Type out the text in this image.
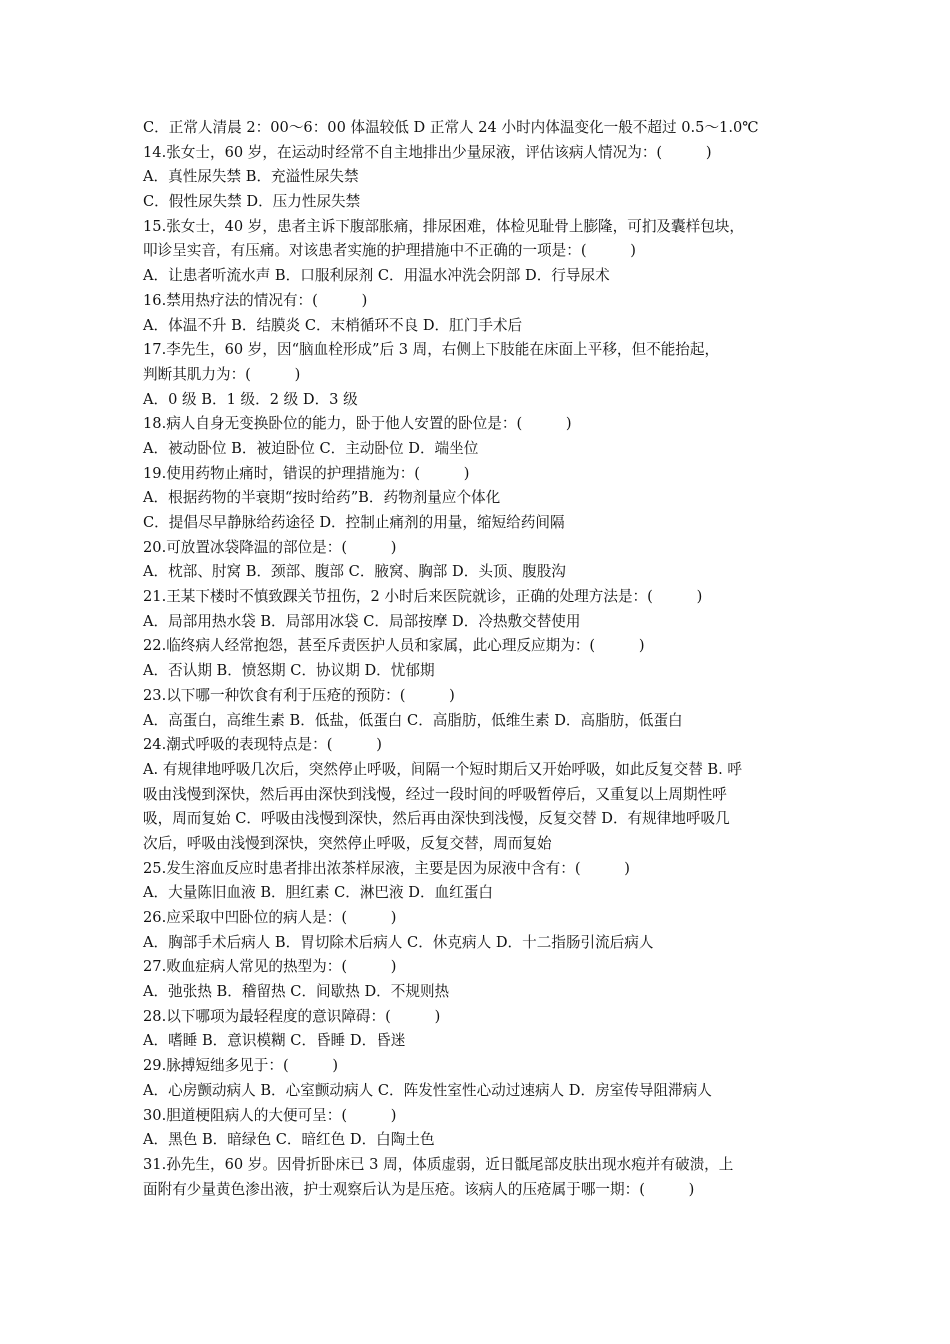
C．正常人清晨 2：00～6：00 体温较低 D 正常人 24 小时内体温变化一般不超过 0.5～1.0℃
14.张女士，60 岁，在运动时经常不自主地排出少量尿液，评估该病人情况为：(　　　)
A．真性尿失禁 B．充溢性尿失禁
C．假性尿失禁 D．压力性尿失禁
15.张女士，40 岁，患者主诉下腹部胀痛，排尿困难，体检见耻骨上膨隆，可扪及囊样包块，
叩诊呈实音，有压痛。对该患者实施的护理措施中不正确的一项是：(　　　)
A．让患者听流水声 B．口服利尿剂 C．用温水冲洗会阴部 D．行导尿术
16.禁用热疗法的情况有：(　　　)
A．体温不升 B．结膜炎 C．末梢循环不良 D．肛门手术后
17.李先生，60 岁，因“脑血栓形成”后 3 周，右侧上下肢能在床面上平移，但不能抬起，
判断其肌力为：(　　　)
A．0 级 B．1 级．2 级 D．3 级
18.病人自身无变换卧位的能力，卧于他人安置的卧位是：(　　　)
A．被动卧位 B．被迫卧位 C．主动卧位 D．端坐位
19.使用药物止痛时，错误的护理措施为：(　　　)
A．根据药物的半衰期“按时给药”B．药物剂量应个体化
C．提倡尽早静脉给药途径 D．控制止痛剂的用量，缩短给药间隔
20.可放置冰袋降温的部位是：(　　　)
A．枕部、肘窝 B．颈部、腹部 C．腋窝、胸部 D．头顶、腹股沟
21.王某下楼时不慎致踝关节扭伤，2 小时后来医院就诊，正确的处理方法是：(　　　)
A．局部用热水袋 B．局部用冰袋 C．局部按摩 D．冷热敷交替使用
22.临终病人经常抱怨，甚至斥责医护人员和家属，此心理反应期为：(　　　)
A．否认期 B．愤怒期 C．协议期 D．忧郁期
23.以下哪一种饮食有利于压疮的预防：(　　　)
A．高蛋白，高维生素 B．低盐，低蛋白 C．高脂肪，低维生素 D．高脂肪，低蛋白
24.潮式呼吸的表现特点是：(　　　)
A. 有规律地呼吸几次后，突然停止呼吸，间隔一个短时期后又开始呼吸，如此反复交替 B. 呼
吸由浅慢到深快，然后再由深快到浅慢，经过一段时间的呼吸暂停后，又重复以上周期性呼
吸，周而复始 C．呼吸由浅慢到深快，然后再由深快到浅慢，反复交替 D．有规律地呼吸几
次后，呼吸由浅慢到深快，突然停止呼吸，反复交替，周而复始
25.发生溶血反应时患者排出浓茶样尿液，主要是因为尿液中含有：(　　　)
A．大量陈旧血液 B．胆红素 C．淋巴液 D．血红蛋白
26.应采取中凹卧位的病人是：(　　　)
A．胸部手术后病人 B．胃切除术后病人 C．休克病人 D．十二指肠引流后病人
27.败血症病人常见的热型为：(　　　)
A．弛张热 B．稽留热 C．间歇热 D．不规则热
28.以下哪项为最轻程度的意识障碍：(　　　)
A．嗜睡 B．意识模糊 C．昏睡 D．昏迷
29.脉搏短绌多见于：(　　　)
A．心房颤动病人 B．心室颤动病人 C．阵发性室性心动过速病人 D．房室传导阻滞病人
30.胆道梗阻病人的大便可呈：(　　　)
A．黑色 B．暗绿色 C．暗红色 D．白陶土色
31.孙先生，60 岁。因骨折卧床已 3 周，体质虚弱，近日骶尾部皮肤出现水疱并有破溃，上
面附有少量黄色渗出液，护士观察后认为是压疮。该病人的压疮属于哪一期：(　　　)
